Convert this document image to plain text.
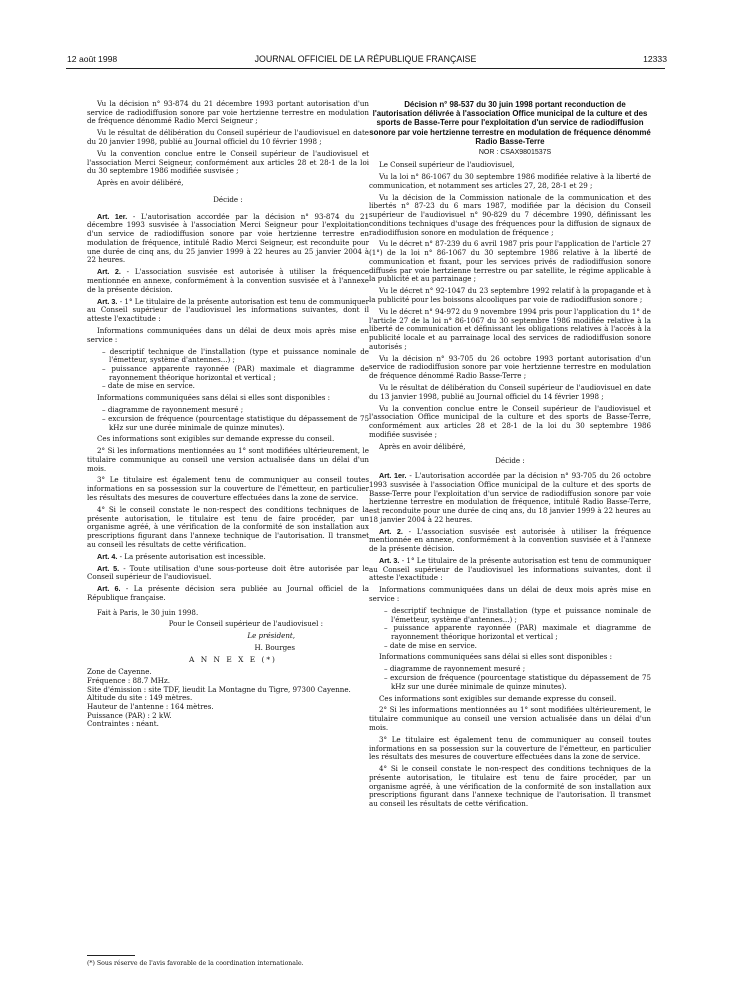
12 août 1998	JOURNAL OFFICIEL DE LA RÉPUBLIQUE FRANÇAISE	12333

Vu la décision n° 93-874 du 21 décembre 1993 portant autorisation d'un service de radiodiffusion sonore par voie hertzienne terrestre en modulation de fréquence dénommé Radio Merci Seigneur ;

Vu le résultat de délibération du Conseil supérieur de l'audiovisuel en date du 20 janvier 1998, publié au Journal officiel du 10 février 1998 ;

Vu la convention conclue entre le Conseil supérieur de l'audiovisuel et l'association Merci Seigneur, conformément aux articles 28 et 28-1 de la loi du 30 septembre 1986 modifiée susvisée ;

Après en avoir délibéré,

Décide :

Art. 1er. - L'autorisation accordée par la décision n° 93-874 du 21 décembre 1993 susvisée à l'association Merci Seigneur pour l'exploitation d'un service de radiodiffusion sonore par voie hertzienne terrestre en modulation de fréquence, intitulé Radio Merci Seigneur, est reconduite pour une durée de cinq ans, du 25 janvier 1999 à 22 heures au 25 janvier 2004 à 22 heures.

Art. 2. - L'association susvisée est autorisée à utiliser la fréquence mentionnée en annexe, conformément à la convention susvisée et à l'annexe de la présente décision.

Art. 3. - 1° Le titulaire de la présente autorisation est tenu de communiquer au Conseil supérieur de l'audiovisuel les informations suivantes, dont il atteste l'exactitude :

Informations communiquées dans un délai de deux mois après mise en service :

– descriptif technique de l'installation (type et puissance nominale de l'émetteur, système d'antennes...) ;
– puissance apparente rayonnée (PAR) maximale et diagramme de rayonnement théorique horizontal et vertical ;
– date de mise en service.

Informations communiquées sans délai si elles sont disponibles :

– diagramme de rayonnement mesuré ;
– excursion de fréquence (pourcentage statistique du dépassement de 75 kHz sur une durée minimale de quinze minutes).

Ces informations sont exigibles sur demande expresse du conseil.

2° Si les informations mentionnées au 1° sont modifiées ultérieurement, le titulaire communique au conseil une version actualisée dans un délai d'un mois.

3° Le titulaire est également tenu de communiquer au conseil toutes informations en sa possession sur la couverture de l'émetteur, en particulier les résultats des mesures de couverture effectuées dans la zone de service.

4° Si le conseil constate le non-respect des conditions techniques de la présente autorisation, le titulaire est tenu de faire procéder, par un organisme agréé, à une vérification de la conformité de son installation aux prescriptions figurant dans l'annexe technique de l'autorisation. Il transmet au conseil les résultats de cette vérification.

Art. 4. - La présente autorisation est incessible.

Art. 5. - Toute utilisation d'une sous-porteuse doit être autorisée par le Conseil supérieur de l'audiovisuel.

Art. 6. - La présente décision sera publiée au Journal officiel de la République française.

Fait à Paris, le 30 juin 1998.

Pour le Conseil supérieur de l'audiovisuel :

Le président,

H. Bourges

A N N E X E (*)

Zone de Cayenne.

Fréquence : 88.7 MHz.

Site d'émission : site TDF, lieudit La Montagne du Tigre, 97300 Cayenne.

Altitude du site : 149 mètres.

Hauteur de l'antenne : 164 mètres.

Puissance (PAR) : 2 kW.

Contraintes : néant.

(*) Sous réserve de l'avis favorable de la coordination internationale.

Décision n° 98-537 du 30 juin 1998 portant reconduction de l'autorisation délivrée à l'association Office municipal de la culture et des sports de Basse-Terre pour l'exploitation d'un service de radiodiffusion sonore par voie hertzienne terrestre en modulation de fréquence dénommé Radio Basse-Terre

NOR : CSAX9801537S

Le Conseil supérieur de l'audiovisuel,

Vu la loi n° 86-1067 du 30 septembre 1986 modifiée relative à la liberté de communication, et notamment ses articles 27, 28, 28-1 et 29 ;

Vu la décision de la Commission nationale de la communication et des libertés n° 87-23 du 6 mars 1987, modifiée par la décision du Conseil supérieur de l'audiovisuel n° 90-829 du 7 décembre 1990, définissant les conditions techniques d'usage des fréquences pour la diffusion de signaux de radiodiffusion sonore en modulation de fréquence ;

Vu le décret n° 87-239 du 6 avril 1987 pris pour l'application de l'article 27 (1°) de la loi n° 86-1067 du 30 septembre 1986 relative à la liberté de communication et fixant, pour les services privés de radiodiffusion sonore diffusés par voie hertzienne terrestre ou par satellite, le régime applicable à la publicité et au parrainage ;

Vu le décret n° 92-1047 du 23 septembre 1992 relatif à la propagande et à la publicité pour les boissons alcooliques par voie de radiodiffusion sonore ;

Vu le décret n° 94-972 du 9 novembre 1994 pris pour l'application du 1° de l'article 27 de la loi n° 86-1067 du 30 septembre 1986 modifiée relative à la liberté de communication et définissant les obligations relatives à l'accès à la publicité locale et au parrainage local des services de radiodiffusion sonore autorisés ;

Vu la décision n° 93-705 du 26 octobre 1993 portant autorisation d'un service de radiodiffusion sonore par voie hertzienne terrestre en modulation de fréquence dénommé Radio Basse-Terre ;

Vu le résultat de délibération du Conseil supérieur de l'audiovisuel en date du 13 janvier 1998, publié au Journal officiel du 14 février 1998 ;

Vu la convention conclue entre le Conseil supérieur de l'audiovisuel et l'association Office municipal de la culture et des sports de Basse-Terre, conformément aux articles 28 et 28-1 de la loi du 30 septembre 1986 modifiée susvisée ;

Après en avoir délibéré,

Décide :

Art. 1er. - L'autorisation accordée par la décision n° 93-705 du 26 octobre 1993 susvisée à l'association Office municipal de la culture et des sports de Basse-Terre pour l'exploitation d'un service de radiodiffusion sonore par voie hertzienne terrestre en modulation de fréquence, intitulé Radio Basse-Terre, est reconduite pour une durée de cinq ans, du 18 janvier 1999 à 22 heures au 18 janvier 2004 à 22 heures.

Art. 2. - L'association susvisée est autorisée à utiliser la fréquence mentionnée en annexe, conformément à la convention susvisée et à l'annexe de la présente décision.

Art. 3. - 1° Le titulaire de la présente autorisation est tenu de communiquer au Conseil supérieur de l'audiovisuel les informations suivantes, dont il atteste l'exactitude :

Informations communiquées dans un délai de deux mois après mise en service :

– descriptif technique de l'installation (type et puissance nominale de l'émetteur, système d'antennes...) ;
– puissance apparente rayonnée (PAR) maximale et diagramme de rayonnement théorique horizontal et vertical ;
– date de mise en service.

Informations communiquées sans délai si elles sont disponibles :

– diagramme de rayonnement mesuré ;
– excursion de fréquence (pourcentage statistique du dépassement de 75 kHz sur une durée minimale de quinze minutes).

Ces informations sont exigibles sur demande expresse du conseil.

2° Si les informations mentionnées au 1° sont modifiées ultérieurement, le titulaire communique au conseil une version actualisée dans un délai d'un mois.

3° Le titulaire est également tenu de communiquer au conseil toutes informations en sa possession sur la couverture de l'émetteur, en particulier les résultats des mesures de couverture effectuées dans la zone de service.

4° Si le conseil constate le non-respect des conditions techniques de la présente autorisation, le titulaire est tenu de faire procéder, par un organisme agréé, à une vérification de la conformité de son installation aux prescriptions figurant dans l'annexe technique de l'autorisation. Il transmet au conseil les résultats de cette vérification.
